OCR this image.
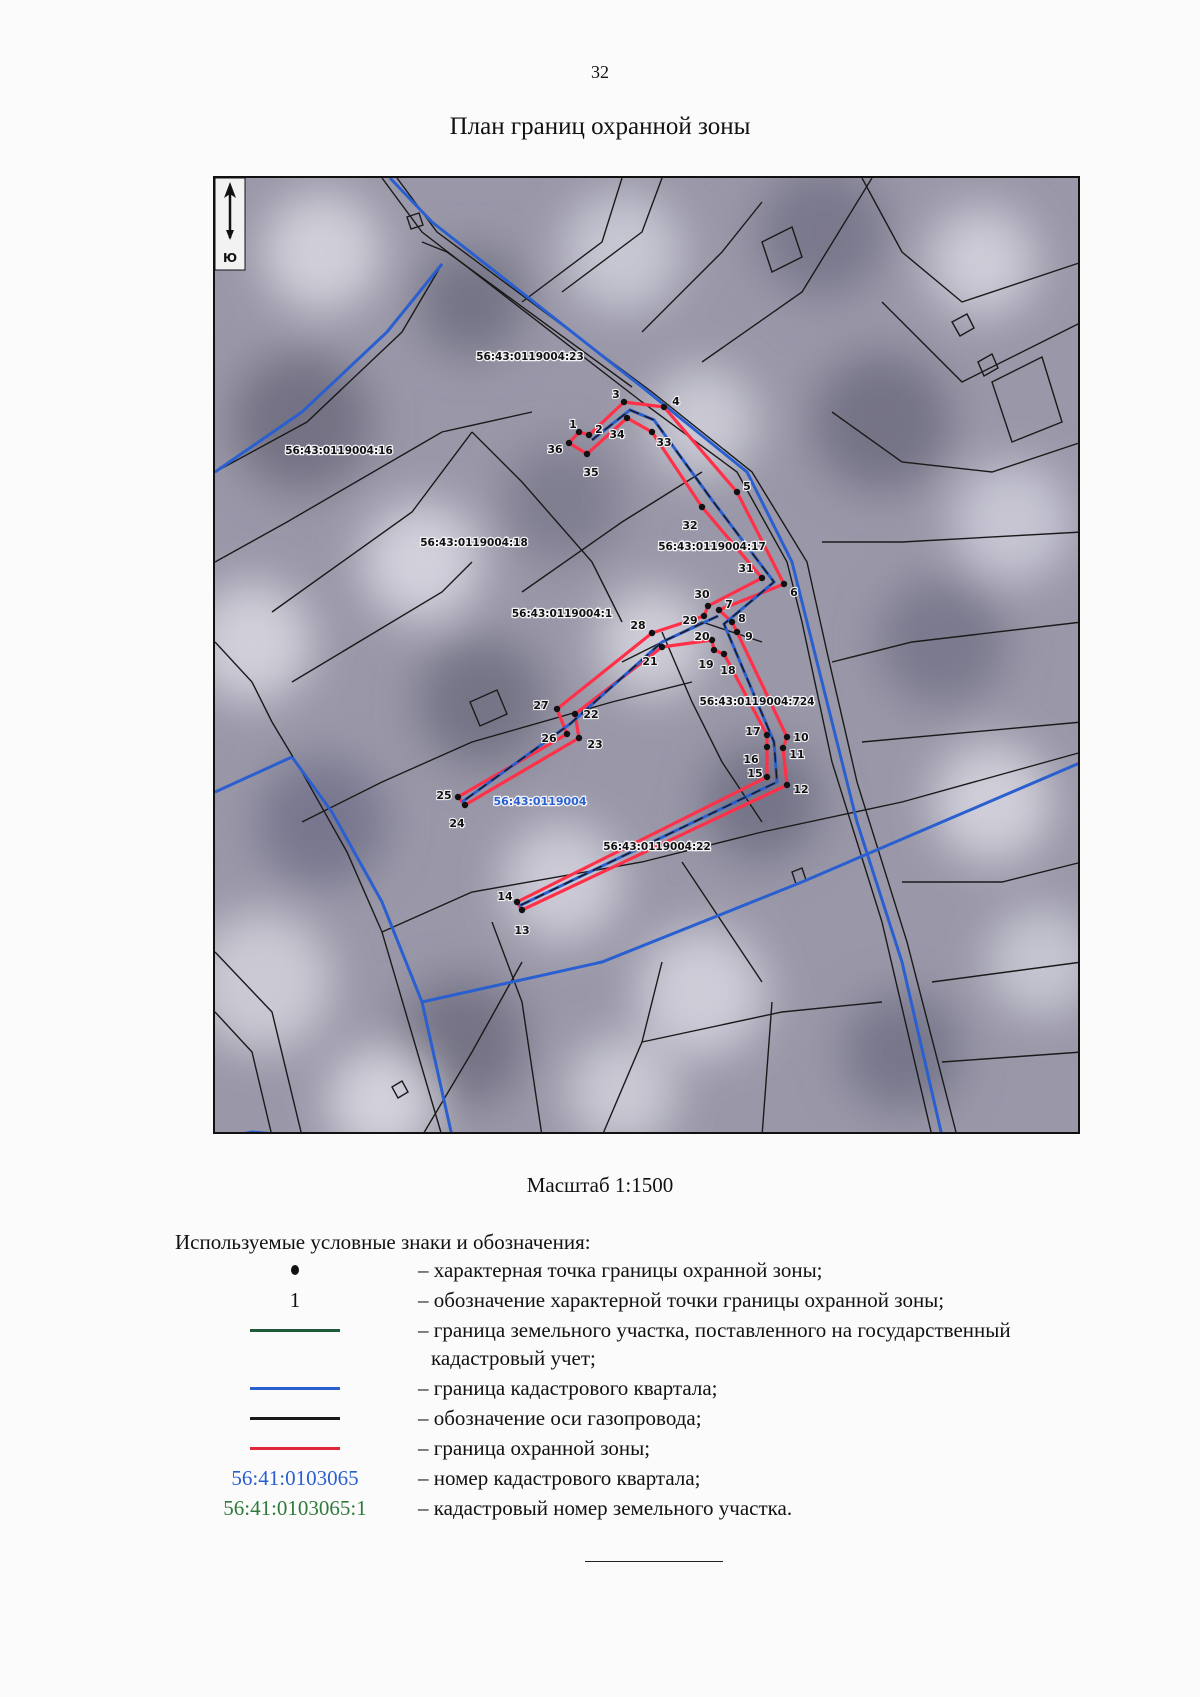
32
План границ охранной зоны
1 2
3
4
5
6
7
8
9
10
11
12
13
14
15
16
17
18
19
20
21
22
23
24
25
26
27
28	29
30
31
32
33
34
35
36
56:43:0119004:23
56:43:0119004:16
56:43:0119004:18	56:43:0119004:17
56:43:0119004:1
56:43:0119004:724
56:43:0119004:22
56:43:0119004
Ю
Масштаб 1:1500
Используемые условные знаки и обозначения:
– характерная точка границы охранной зоны;
1	– обозначение характерной точки границы охранной зоны;
– граница земельного участка, поставленного на государственный
кадастровый учет;
– граница кадастрового квартала;
– обозначение оси газопровода;
– граница охранной зоны;
56:41:0103065	– номер кадастрового квартала;
56:41:0103065:1 – кадастровый номер земельного участка.
